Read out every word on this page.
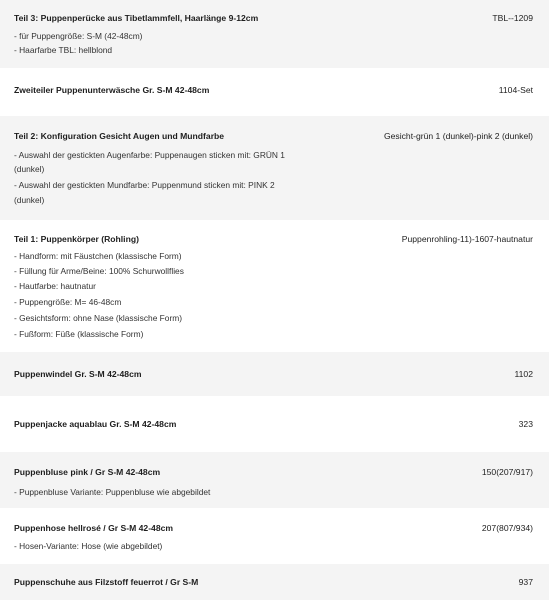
Teil 3: Puppenperücke aus Tibetlammfell, Haarlänge 9-12cm	TBL--1209
- für Puppengröße: S-M (42-48cm)
- Haarfarbe TBL: hellblond
Zweiteiler Puppenunterwäsche Gr. S-M 42-48cm	1104-Set
Teil 2: Konfiguration Gesicht Augen und Mundfarbe	Gesicht-grün 1 (dunkel)-pink 2 (dunkel)
- Auswahl der gestickten Augenfarbe: Puppenaugen sticken mit: GRÜN 1
(dunkel)
- Auswahl der gestickten Mundfarbe: Puppenmund sticken mit: PINK 2
(dunkel)
Teil 1: Puppenkörper (Rohling)	Puppenrohling-11)-1607-hautnatur
- Handform: mit Fäustchen (klassische Form)
- Füllung für Arme/Beine: 100% Schurwollflies
- Hautfarbe: hautnatur
- Puppengröße: M= 46-48cm
- Gesichtsform: ohne Nase (klassische Form)
- Fußform: Füße (klassische Form)
Puppenwindel Gr. S-M 42-48cm	1102
Puppenjacke aquablau Gr. S-M 42-48cm	323
Puppenbluse pink / Gr S-M 42-48cm	150(207/917)
- Puppenbluse Variante: Puppenbluse wie abgebildet
Puppenhose hellrosé / Gr S-M 42-48cm	207(807/934)
- Hosen-Variante: Hose (wie abgebildet)
Puppenschuhe aus Filzstoff feuerrot / Gr S-M	937
